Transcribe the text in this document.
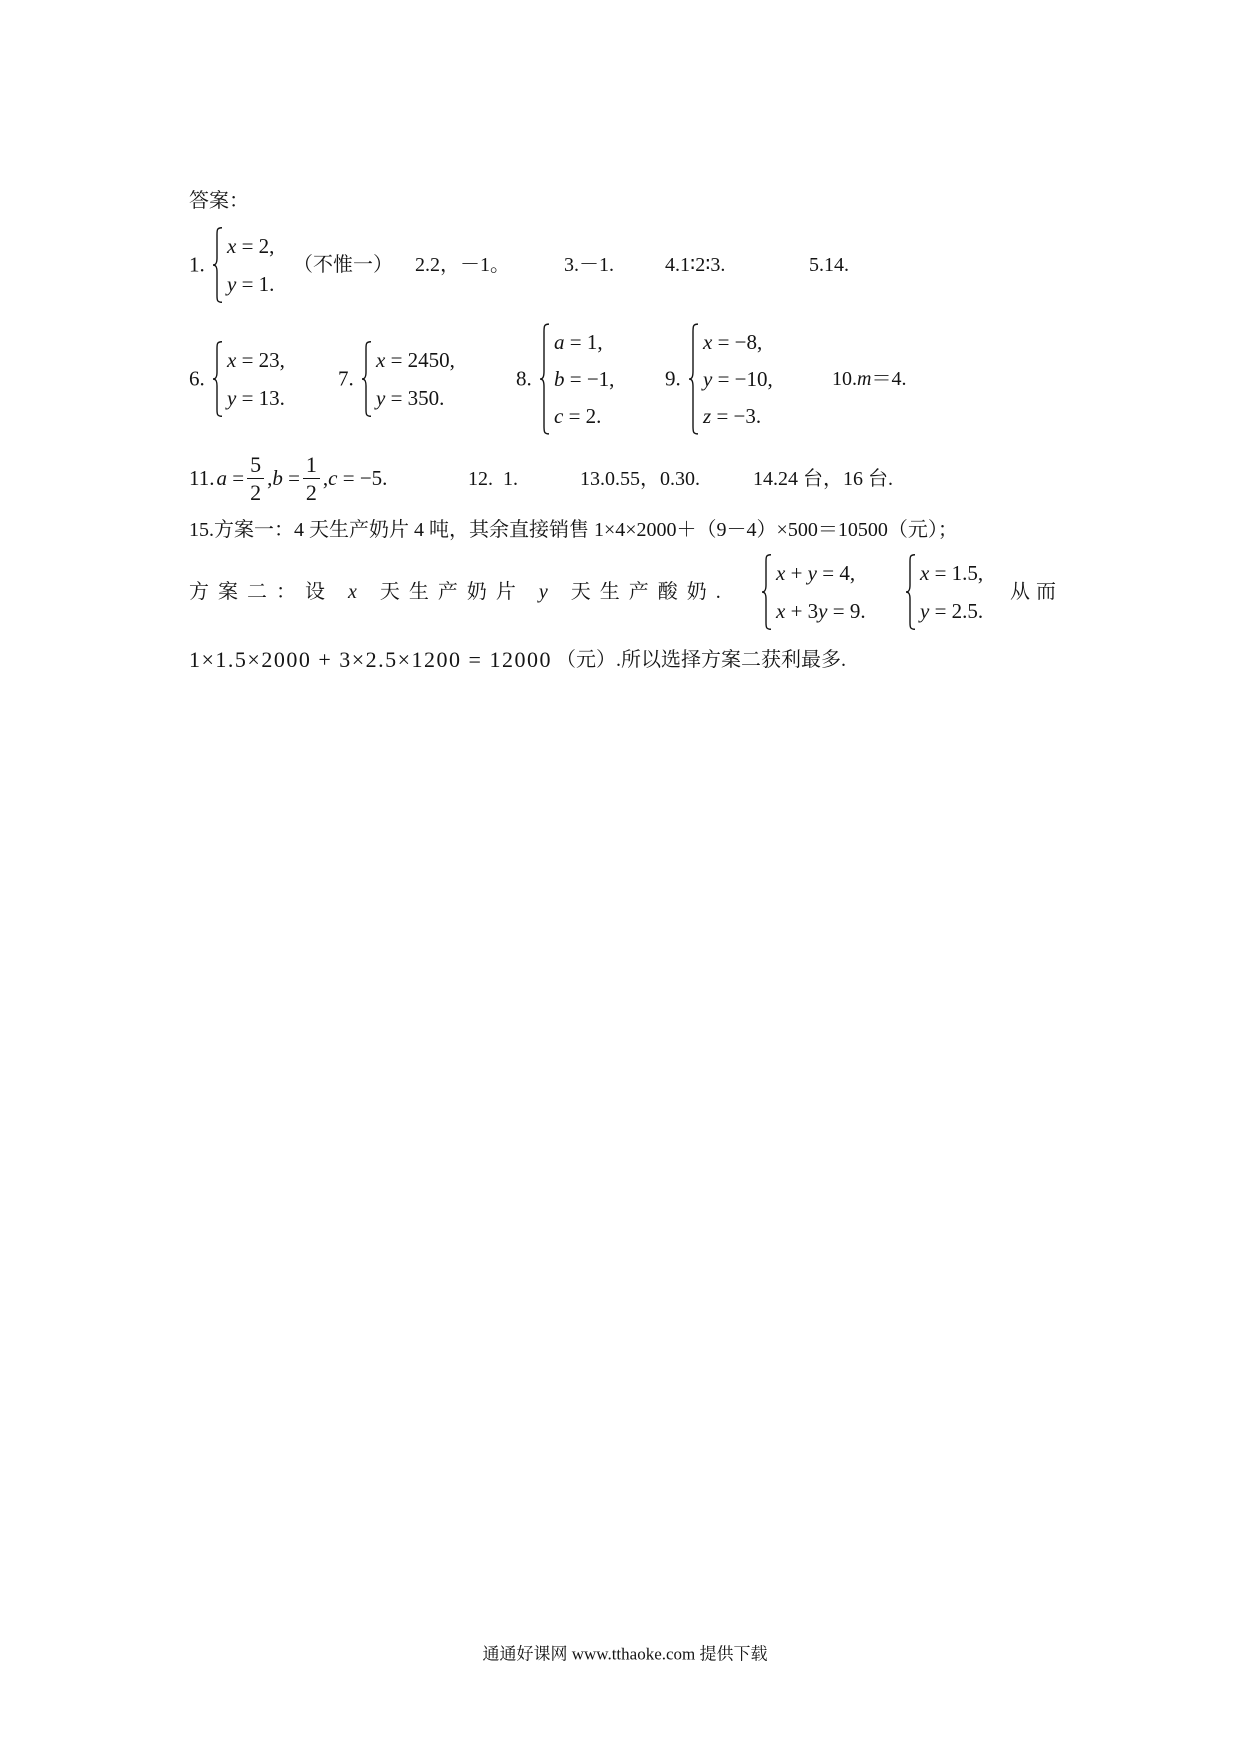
答案：
1.
x = 2,
y = 1.
（不惟一） 2.2，－1。	3.－1.	4.1∶2∶3.	5.14.
6.
x = 23,
y = 13.
7.
x = 2450,
y = 350.
8.
a = 1,
b = −1,
c = 2.
9.
x = −8,
y = −10,
z = −3.
10.m＝4.
11. $a = \frac{5}{2} ,b = \frac{1}{2} ,c = -5$.	12.  1.	13.0.55，0.30.	14.24 台，16 台.
15.方案一：4 天生产奶片 4 吨，其余直接销售 1×4×2000＋（9－4）×500＝10500（元）；
方案二：设 x 天生产奶片 y 天生产酸奶.
x + y = 4,
x + 3y = 9.
x = 1.5,
y = 2.5.
从而
1×1.5×2000 + 3×2.5×1200 = 12000 （元）.所以选择方案二获利最多.
通通好课网 www.tthaoke.com 提供下载
